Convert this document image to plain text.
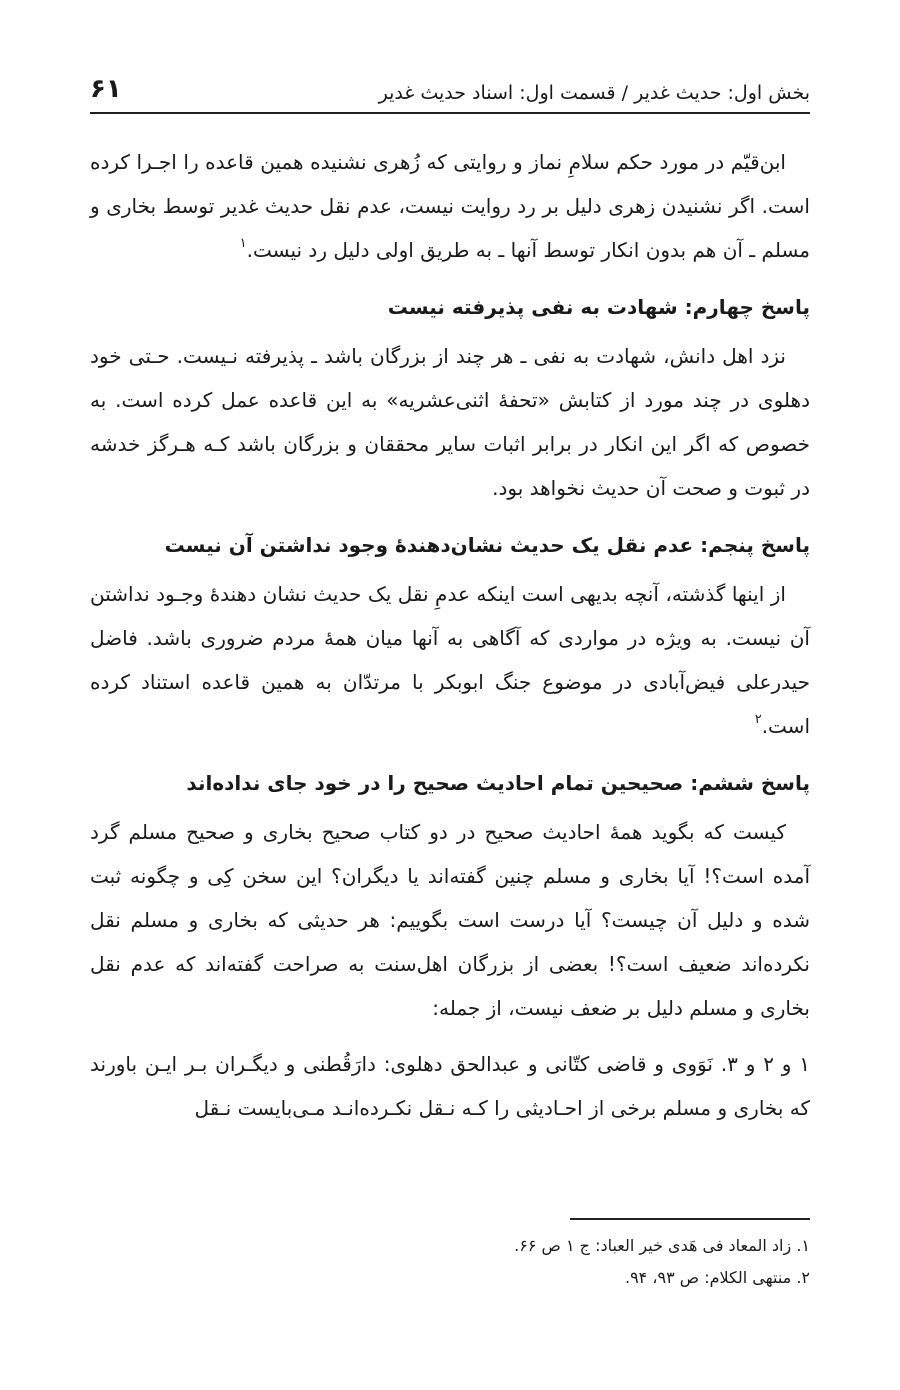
بخش اول: حدیث غدیر / قسمت اول: اسناد حدیث غدیر
۶۱

ابن‌قیّم در مورد حکم سلامِ نماز و روایتی که زُهری نشنیده همین قاعده را اجـرا کرده است. اگر نشنیدن زهری دلیل بر رد روایت نیست، عدم نقل حدیث غدیر توسط بخاری و مسلم ـ آن هم بدون انکار توسط آنها ـ به طریق اولی دلیل رد نیست.$^۱$

پاسخ چهارم: شهادت به نفی پذیرفته نیست

نزد اهل دانش، شهادت به نفی ـ هر چند از بزرگان باشد ـ پذیرفته نـیست. حـتی خود دهلوی در چند مورد از کتابش «تحفۀ اثنی‌عشریه» به این قاعده عمل کرده است. به خصوص که اگر این انکار در برابر اثبات سایر محققان و بزرگان باشد کـه هـرگز خدشه در ثبوت و صحت آن حدیث نخواهد بود.

پاسخ پنجم: عدم نقل یک حدیث نشان‌دهندۀ وجود نداشتن آن نیست

از اینها گذشته، آنچه بدیهی است اینکه عدمِ نقل یک حدیث نشان دهندۀ وجـود نداشتن آن نیست. به ویژه در مواردی که آگاهی به آنها میان همۀ مردم ضروری باشد. فاضل حیدرعلی فیض‌آبادی در موضوع جنگ ابوبکر با مرتدّان به همین قاعده استناد کرده است.$^۲$

پاسخ ششم: صحیحین تمام احادیث صحیح را در خود جای نداده‌اند

کیست که بگوید همۀ احادیث صحیح در دو کتاب صحیح بخاری و صحیح مسلم گرد آمده است؟! آیا بخاری و مسلم چنین گفته‌اند یا دیگران؟ این سخن کِی و چگونه ثبت شده و دلیل آن چیست؟ آیا درست است بگوییم: هر حدیثی که بخاری و مسلم نقل نکرده‌اند ضعیف است؟! بعضی از بزرگان اهل‌سنت به صراحت گفته‌اند که عدم نقل بخاری و مسلم دلیل بر ضعف نیست، از جمله:

۱ و ۲ و ۳. نَوَوی و قاضی کتّانی و عبدالحق دهلوی: دارَقُطنی و دیگـران بـر ایـن باورند که بخاری و مسلم برخی از احـادیثی را کـه نـقل نکـرده‌انـد مـی‌بایست نـقل

۱. زاد المعاد فی هَدی خیر العباد: ج ۱ ص ۶۶.
۲. منتهی الکلام: ص ۹۳، ۹۴.
